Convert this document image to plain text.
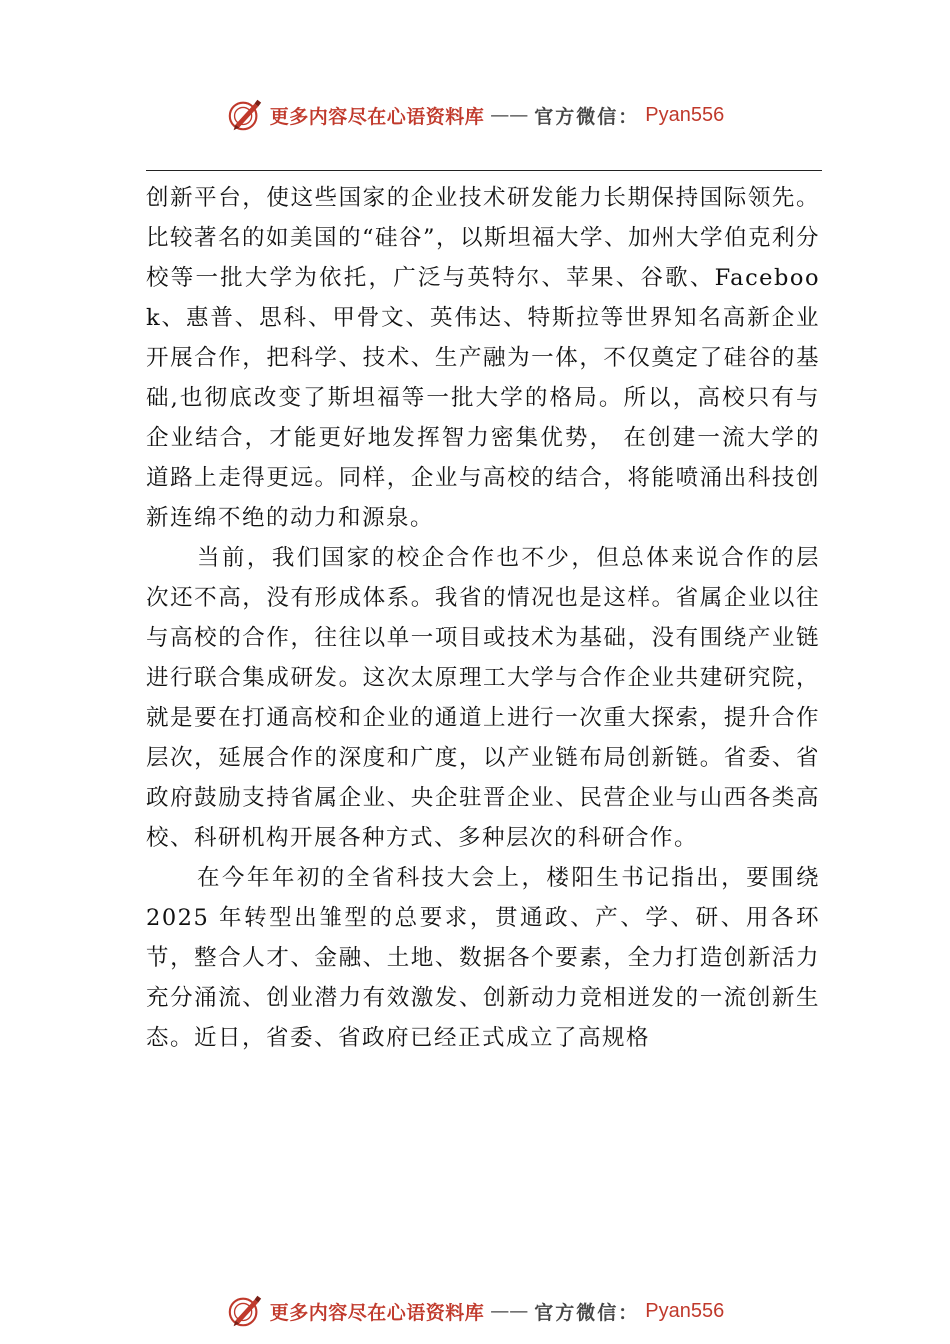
更多内容尽在心语资料库 —— 官方微信： Pyan556

创新平台，使这些国家的企业技术研发能力长期保持国际领先。比较著名的如美国的“硅谷”，以斯坦福大学、加州大学伯克利分校等一批大学为依托，广泛与英特尔、苹果、谷歌、Facebook、惠普、思科、甲骨文、英伟达、特斯拉等世界知名高新企业开展合作，把科学、技术、生产融为一体，不仅奠定了硅谷的基础,也彻底改变了斯坦福等一批大学的格局。所以，高校只有与企业结合，才能更好地发挥智力密集优势， 在创建一流大学的道路上走得更远。同样，企业与高校的结合，将能喷涌出科技创新连绵不绝的动力和源泉。

当前，我们国家的校企合作也不少，但总体来说合作的层次还不高，没有形成体系。我省的情况也是这样。省属企业以往与高校的合作，往往以单一项目或技术为基础，没有围绕产业链进行联合集成研发。这次太原理工大学与合作企业共建研究院，就是要在打通高校和企业的通道上进行一次重大探索，提升合作层次，延展合作的深度和广度，以产业链布局创新链。省委、省政府鼓励支持省属企业、央企驻晋企业、民营企业与山西各类高校、科研机构开展各种方式、多种层次的科研合作。

在今年年初的全省科技大会上，楼阳生书记指出，要围绕 2025 年转型出雏型的总要求，贯通政、产、学、研、用各环节，整合人才、金融、土地、数据各个要素，全力打造创新活力充分涌流、创业潜力有效激发、创新动力竞相迸发的一流创新生态。近日，省委、省政府已经正式成立了高规格

更多内容尽在心语资料库 —— 官方微信： Pyan556
